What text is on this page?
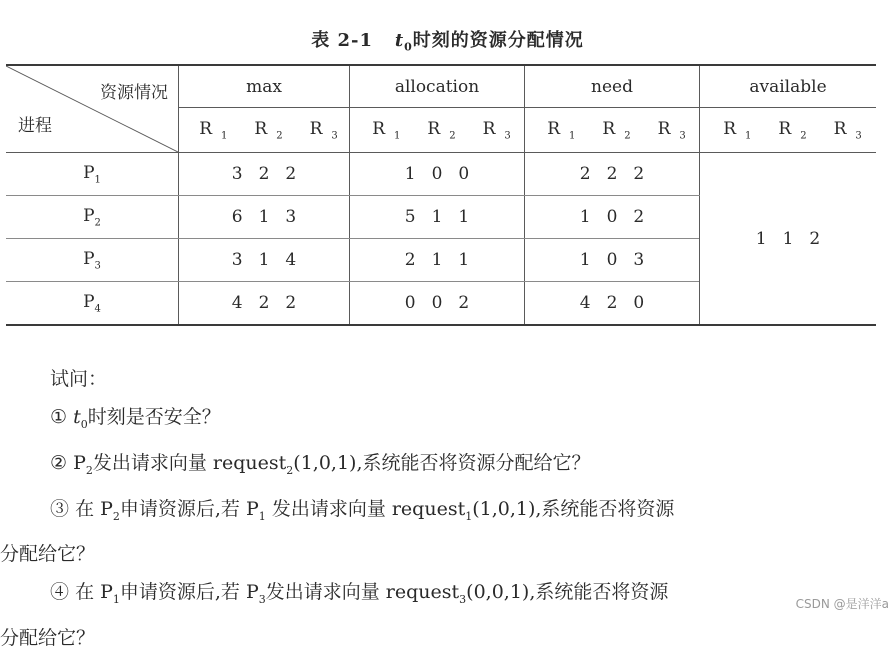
表 2-1 $t_0$时刻的资源分配情况
资源情况
进程	max	allocation	need	available
	R $_1$ R $_2$ R $_3$	R $_1$ R $_2$ R $_3$	R $_1$ R $_2$ R $_3$	R $_1$ R $_2$ R $_3$
$P_1$	3 2 2	1 0 0	2 2 2	1 1 2
$P_2$	6 1 3	5 1 1	1 0 2	
$P_3$	3 1 4	2 1 1	1 0 3	
$P_4$	4 2 2	0 0 2	4 2 0	
试问：
① $t_0$时刻是否安全？
② $P_2$发出请求向量 request$_2$(1,0,1),系统能否将资源分配给它？
③ 在 $P_2$申请资源后,若 $P_1$ 发出请求向量 request$_1$(1,0,1),系统能否将资源
分配给它？
④ 在 $P_1$申请资源后,若 $P_3$发出请求向量 request$_3$(0,0,1),系统能否将资源
分配给它？
CSDN @是洋洋a
